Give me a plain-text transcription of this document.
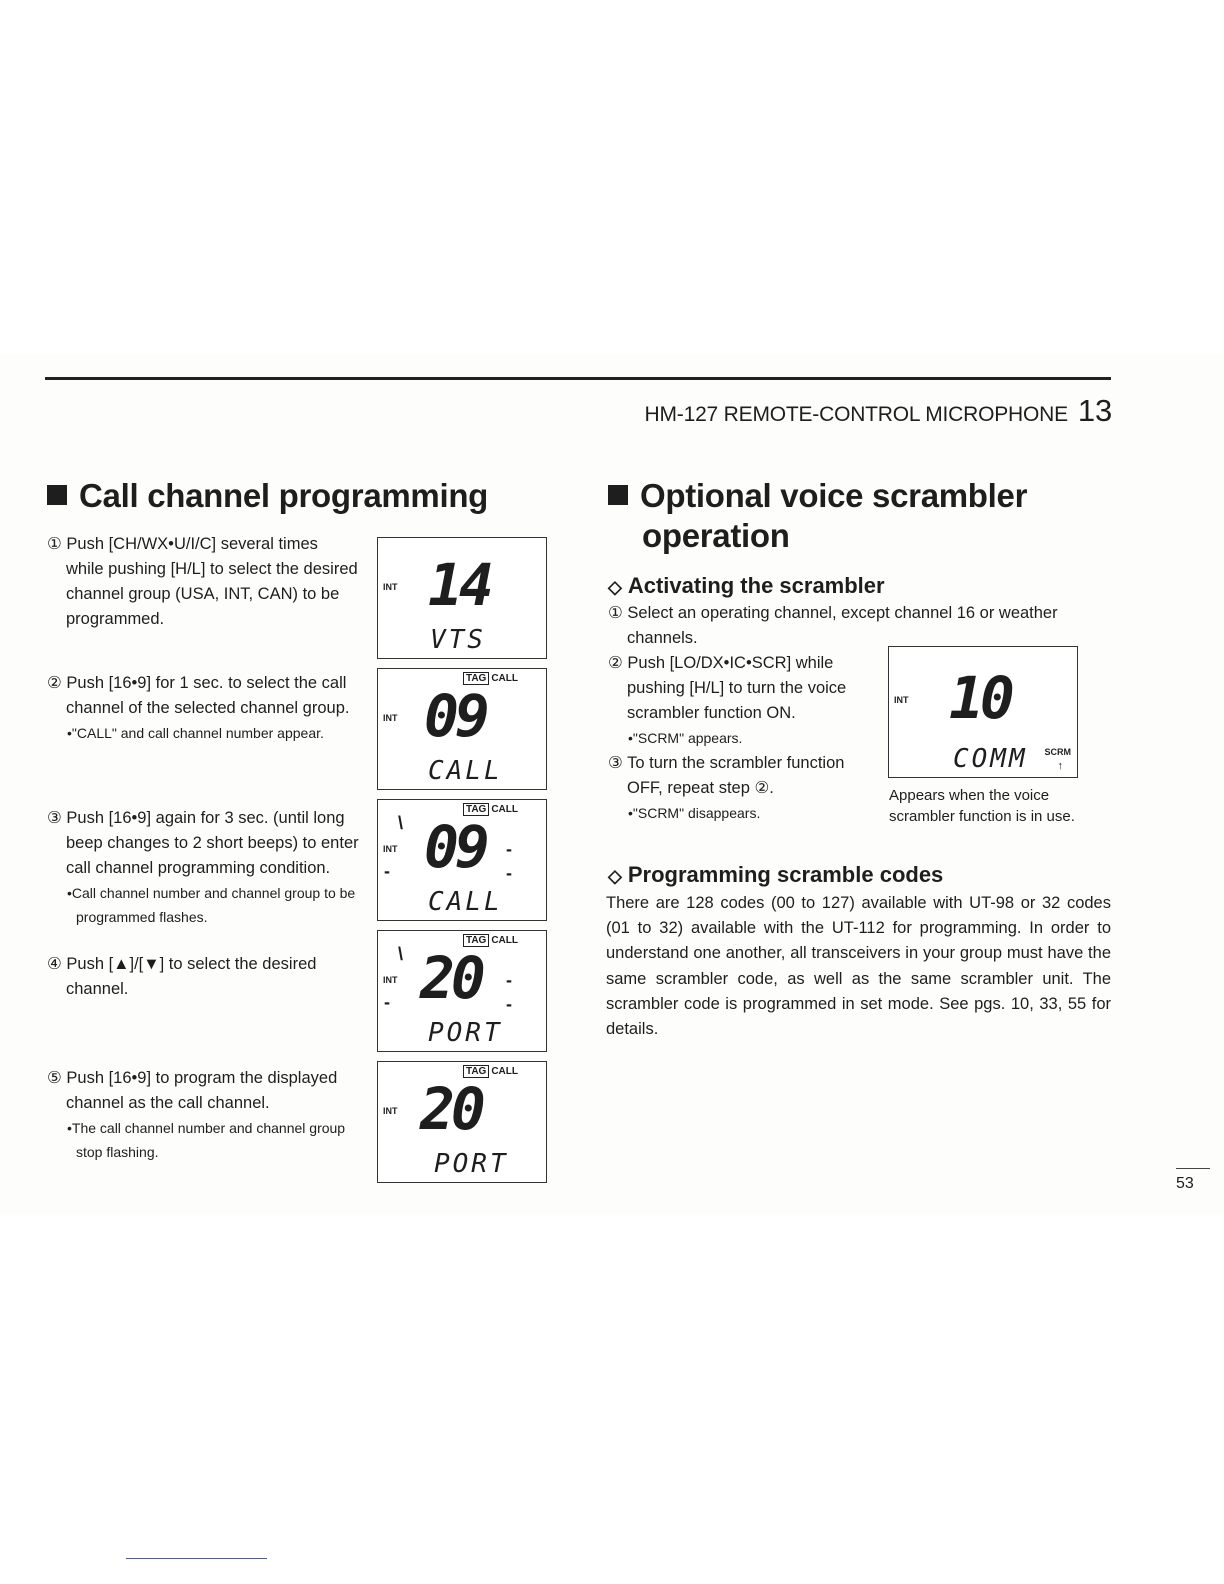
HM-127 REMOTE-CONTROL MICROPHONE 13
Call channel programming
① Push [CH/WX•U/I/C] several times while pushing [H/L] to select the desired channel group (USA, INT, CAN) to be programmed.
② Push [16•9] for 1 sec. to select the call channel of the selected channel group.
•"CALL" and call channel number appear.
③ Push [16•9] again for 3 sec. (until long beep changes to 2 short beeps) to enter call channel programming condition.
•Call channel number and channel group to be programmed flashes.
④ Push [▲]/[▼] to select the desired channel.
⑤ Push [16•9] to program the displayed channel as the call channel.
•The call channel number and channel group stop flashing.
INT 14
VTS
TAG CALL
INT 09
CALL
TAG CALL
INT
\
-
-
-
09
CALL
TAG CALL
INT
\
-
-
-
20
PORT
TAG CALL
INT 20
PORT
Optional voice scrambler
operation
◇ Activating the scrambler
① Select an operating channel, except channel 16 or weather channels.
② Push [LO/DX•IC•SCR] while pushing [H/L] to turn the voice scrambler function ON.
•"SCRM" appears.
③ To turn the scrambler function OFF, repeat step ②.
•"SCRM" disappears.
INT 10
COMM SCRM
↑
Appears when the voice scrambler function is in use.
◇ Programming scramble codes
There are 128 codes (00 to 127) available with UT-98 or 32 codes (01 to 32) available with the UT-112 for programming. In order to understand one another, all transceivers in your group must have the same scrambler code, as well as the same scrambler unit. The scrambler code is programmed in set mode. See pgs. 10, 33, 55 for details.
53
